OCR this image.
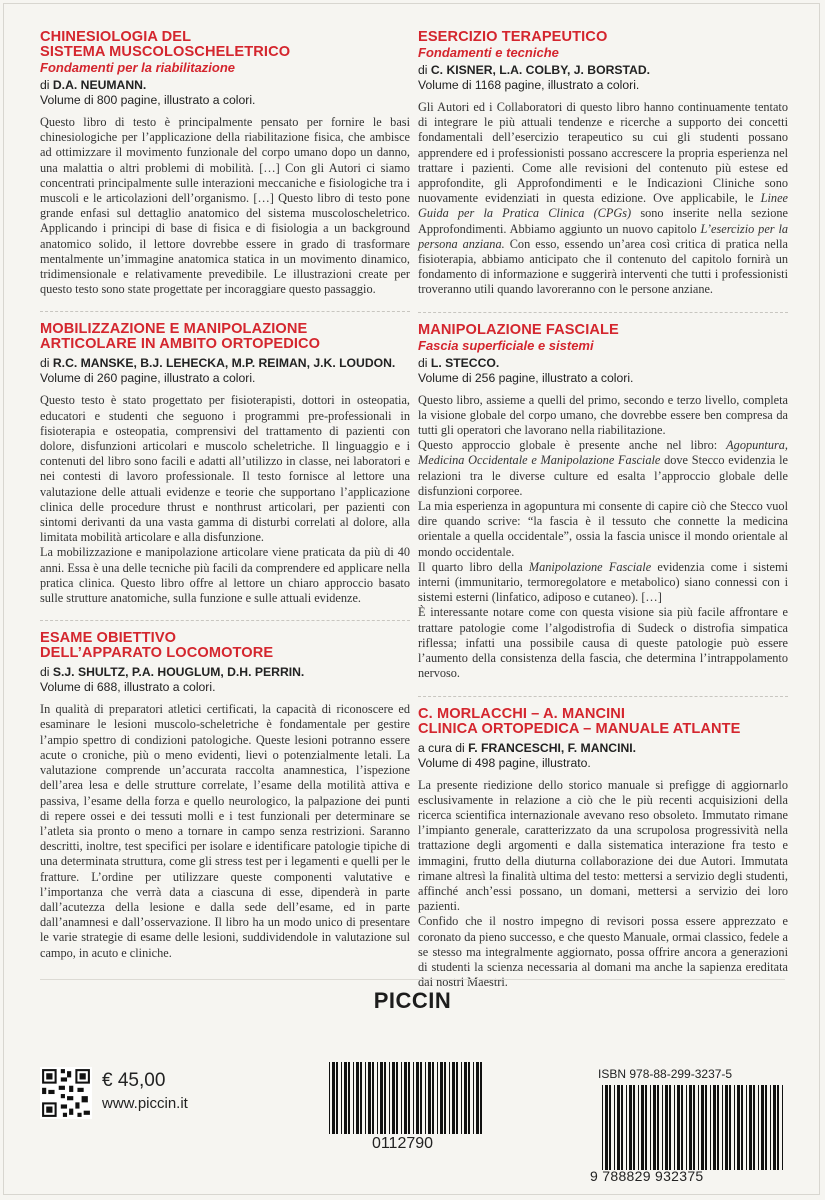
CHINESIOLOGIA DEL
SISTEMA MUSCOLOSCHELETRICO
Fondamenti per la riabilitazione
di D.A. NEUMANN.
Volume di 800 pagine, illustrato a colori.

Questo libro di testo è principalmente pensato per fornire le basi chinesiologiche per l’applicazione della riabilitazione fisica, che ambisce ad ottimizzare il movimento funzionale del corpo umano dopo un danno, una malattia o altri problemi di mobilità. […] Con gli Autori ci siamo concentrati principalmente sulle interazioni meccaniche e fisiologiche tra i muscoli e le articolazioni dell’organismo. […] Questo libro di testo pone grande enfasi sul dettaglio anatomico del sistema muscoloscheletrico. Applicando i principi di base di fisica e di fisiologia a un background anatomico solido, il lettore dovrebbe essere in grado di trasformare mentalmente un’immagine anatomica statica in un movimento dinamico, tridimensionale e relativamente prevedibile. Le illustrazioni create per questo testo sono state progettate per incoraggiare questo passaggio.

MOBILIZZAZIONE E MANIPOLAZIONE
ARTICOLARE IN AMBITO ORTOPEDICO
di R.C. MANSKE, B.J. LEHECKA, M.P. REIMAN, J.K. LOUDON. Volume di 260 pagine, illustrato a colori.

Questo testo è stato progettato per fisioterapisti, dottori in osteopatia, educatori e studenti che seguono i programmi pre-professionali in fisioterapia e osteopatia, comprensivi del trattamento di pazienti con dolore, disfunzioni articolari e muscolo scheletriche. Il linguaggio e i contenuti del libro sono facili e adatti all’utilizzo in classe, nei laboratori e nei contesti di lavoro professionale. Il testo fornisce al lettore una valutazione delle attuali evidenze e teorie che supportano l’applicazione clinica delle procedure thrust e nonthrust articolari, per pazienti con sintomi derivanti da una vasta gamma di disturbi correlati al dolore, alla limitata mobilità articolare e alla disfunzione.

La mobilizzazione e manipolazione articolare viene praticata da più di 40 anni. Essa è una delle tecniche più facili da comprendere ed applicare nella pratica clinica. Questo libro offre al lettore un chiaro approccio basato sulle strutture anatomiche, sulla funzione e sulle attuali evidenze.

ESAME OBIETTIVO
DELL’APPARATO LOCOMOTORE
di S.J. SHULTZ, P.A. HOUGLUM, D.H. PERRIN.
Volume di 688, illustrato a colori.

In qualità di preparatori atletici certificati, la capacità di riconoscere ed esaminare le lesioni muscolo-scheletriche è fondamentale per gestire l’ampio spettro di condizioni patologiche. Queste lesioni potranno essere acute o croniche, più o meno evidenti, lievi o potenzialmente letali. La valutazione comprende un’accurata raccolta anamnestica, l’ispezione dell’area lesa e delle strutture correlate, l’esame della motilità attiva e passiva, l’esame della forza e quello neurologico, la palpazione dei punti di repere ossei e dei tessuti molli e i test funzionali per determinare se l’atleta sia pronto o meno a tornare in campo senza restrizioni. Saranno descritti, inoltre, test specifici per isolare e identificare patologie tipiche di una determinata struttura, come gli stress test per i legamenti e quelli per le fratture. L’ordine per utilizzare queste componenti valutative e l’importanza che verrà data a ciascuna di esse, dipenderà in parte dall’acutezza della lesione e dalla sede dell’esame, ed in parte dall’anamnesi e dall’osservazione. Il libro ha un modo unico di presentare le varie strategie di esame delle lesioni, suddividendole in valutazione sul campo, in acuto e cliniche.

ESERCIZIO TERAPEUTICO
Fondamenti e tecniche
di C. KISNER, L.A. COLBY, J. BORSTAD.
Volume di 1168 pagine, illustrato a colori.

Gli Autori ed i Collaboratori di questo libro hanno continuamente tentato di integrare le più attuali tendenze e ricerche a supporto dei concetti fondamentali dell’esercizio terapeutico su cui gli studenti possano apprendere ed i professionisti possano accrescere la propria esperienza nel trattare i pazienti. Come alle revisioni del contenuto più estese ed approfondite, gli Approfondimenti e le Indicazioni Cliniche sono nuovamente evidenziati in questa edizione. Ove applicabile, le Linee Guida per la Pratica Clinica (CPGs) sono inserite nella sezione Approfondimenti. Abbiamo aggiunto un nuovo capitolo L’esercizio per la persona anziana. Con esso, essendo un’area così critica di pratica nella fisioterapia, abbiamo anticipato che il contenuto del capitolo fornirà un fondamento di informazione e suggerirà interventi che tutti i professionisti troveranno utili quando lavoreranno con le persone anziane.

MANIPOLAZIONE FASCIALE
Fascia superficiale e sistemi
di L. STECCO.
Volume di 256 pagine, illustrato a colori.

Questo libro, assieme a quelli del primo, secondo e terzo livello, completa la visione globale del corpo umano, che dovrebbe essere ben compresa da tutti gli operatori che lavorano nella riabilitazione.

Questo approccio globale è presente anche nel libro: Agopuntura, Medicina Occidentale e Manipolazione Fasciale dove Stecco evidenzia le relazioni tra le diverse culture ed esalta l’approccio globale delle disfunzioni corporee.

La mia esperienza in agopuntura mi consente di capire ciò che Stecco vuol dire quando scrive: “la fascia è il tessuto che connette la medicina orientale a quella occidentale”, ossia la fascia unisce il mondo orientale al mondo occidentale.

Il quarto libro della Manipolazione Fasciale evidenzia come i sistemi interni (immunitario, termoregolatore e metabolico) siano connessi con i sistemi esterni (linfatico, adiposo e cutaneo). […]

È interessante notare come con questa visione sia più facile affrontare e trattare patologie come l’algodistrofia di Sudeck o distrofia simpatica riflessa; infatti una possibile causa di queste patologie può essere l’aumento della consistenza della fascia, che determina l’intrappolamento nervoso.

C. MORLACCHI – A. MANCINI
CLINICA ORTOPEDICA – MANUALE ATLANTE
a cura di F. FRANCESCHI, F. MANCINI.
Volume di 498 pagine, illustrato.

La presente riedizione dello storico manuale si prefigge di aggiornarlo esclusivamente in relazione a ciò che le più recenti acquisizioni della ricerca scientifica internazionale avevano reso obsoleto. Immutato rimane l’impianto generale, caratterizzato da una scrupolosa progressività nella trattazione degli argomenti e dalla sistematica interazione fra testo e immagini, frutto della diuturna collaborazione dei due Autori. Immutata rimane altresì la finalità ultima del testo: mettersi a servizio degli studenti, affinché anch’essi possano, un domani, mettersi a servizio dei loro pazienti.

Confido che il nostro impegno di revisori possa essere apprezzato e coronato da pieno successo, e che questo Manuale, ormai classico, fedele a se stesso ma integralmente aggiornato, possa offrire ancora a generazioni di studenti la scienza necessaria al domani ma anche la sapienza ereditata dai nostri Maestri.

PICCIN
€ 45,00
www.piccin.it
0112790
ISBN 978-88-299-3237-5
9 788829 932375
